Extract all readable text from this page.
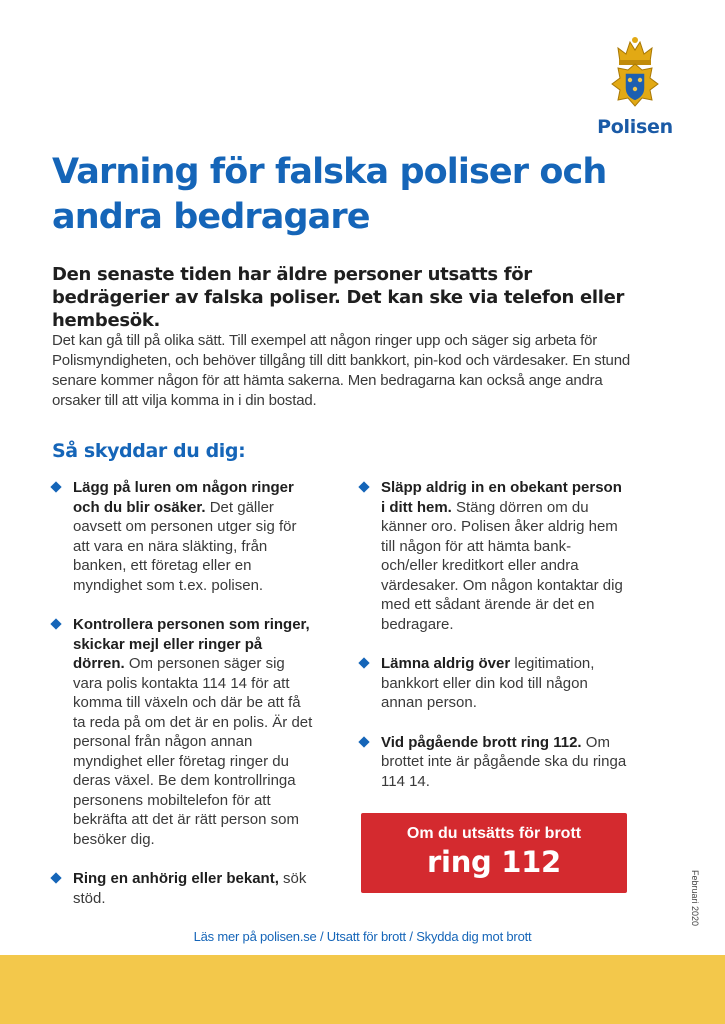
Polisen
Varning för falska poliser och andra bedragare

Den senaste tiden har äldre personer utsatts för bedrägerier av falska poliser. Det kan ske via telefon eller hembesök.

Det kan gå till på olika sätt. Till exempel att någon ringer upp och säger sig arbeta för Polismyndigheten, och behöver tillgång till ditt bankkort, pin-kod och värdesaker. En stund senare kommer någon för att hämta sakerna. Men bedragarna kan också ange andra orsaker till att vilja komma in i din bostad.

Så skyddar du dig:
Lägg på luren om någon ringer och du blir osäker. Det gäller oavsett om personen utger sig för att vara en nära släkting, från banken, ett företag eller en myndighet som t.ex. polisen.
Kontrollera personen som ringer, skickar mejl eller ringer på dörren. Om personen säger sig vara polis kontakta 114 14 för att komma till växeln och där be att få ta reda på om det är en polis. Är det personal från någon annan myndighet eller företag ringer du deras växel. Be dem kontrollringa personens mobiltelefon för att bekräfta att det är rätt person som besöker dig.
Ring en anhörig eller bekant, sök stöd.
Släpp aldrig in en obekant person i ditt hem. Stäng dörren om du känner oro. Polisen åker aldrig hem till någon för att hämta bank- och/eller kreditkort eller andra värdesaker. Om någon kontaktar dig med ett sådant ärende är det en bedragare.
Lämna aldrig över legitimation, bankkort eller din kod till någon annan person.
Vid pågående brott ring 112. Om brottet inte är pågående ska du ringa 114 14.
Om du utsätts för brott
ring 112
Februari 2020
Läs mer på polisen.se / Utsatt för brott / Skydda dig mot brott
